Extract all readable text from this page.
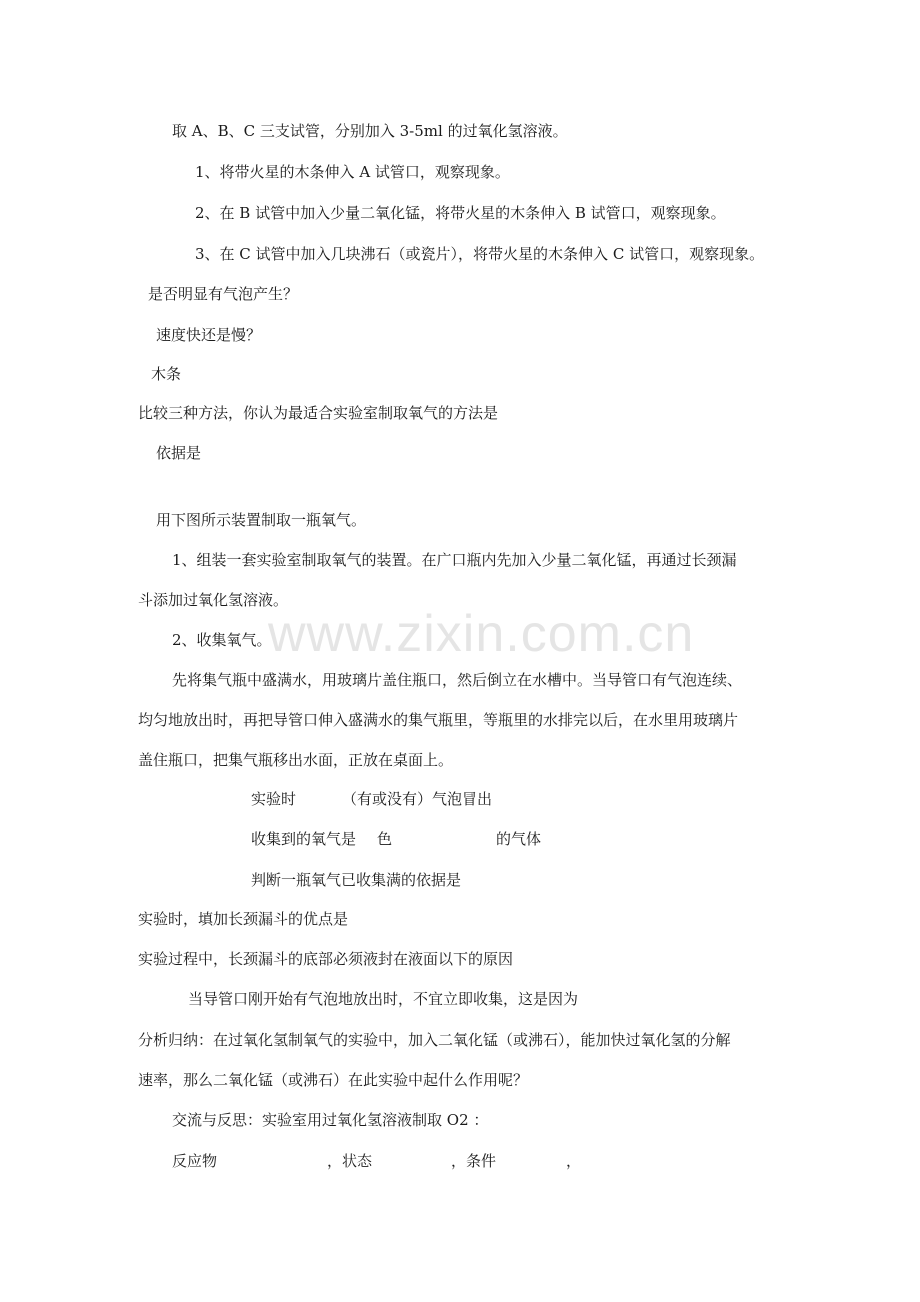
取 A、B、C 三支试管，分别加入 3-5ml 的过氧化氢溶液。
1、将带火星的木条伸入 A 试管口，观察现象。
2、在 B 试管中加入少量二氧化锰，将带火星的木条伸入 B 试管口，观察现象。
3、在 C 试管中加入几块沸石（或瓷片），将带火星的木条伸入 C 试管口，观察现象。
是否明显有气泡产生？
速度快还是慢？
木条
比较三种方法，你认为最适合实验室制取氧气的方法是
依据是
用下图所示装置制取一瓶氧气。
1、组装一套实验室制取氧气的装置。在广口瓶内先加入少量二氧化锰，再通过长颈漏
斗添加过氧化氢溶液。
2、收集氧气。
先将集气瓶中盛满水，用玻璃片盖住瓶口，然后倒立在水槽中。当导管口有气泡连续、
均匀地放出时，再把导管口伸入盛满水的集气瓶里，等瓶里的水排完以后，在水里用玻璃片
盖住瓶口，把集气瓶移出水面，正放在桌面上。
实验时	（有或没有）气泡冒出
收集到的氧气是 色	的气体
判断一瓶氧气已收集满的依据是
实验时，填加长颈漏斗的优点是
实验过程中，长颈漏斗的底部必须液封在液面以下的原因
当导管口刚开始有气泡地放出时，不宜立即收集，这是因为
分析归纳：在过氧化氢制氧气的实验中，加入二氧化锰（或沸石），能加快过氧化氢的分解
速率，那么二氧化锰（或沸石）在此实验中起什么作用呢？
交流与反思：实验室用过氧化氢溶液制取 O2 ：
反应物	，状态	，条件	，
www.zixin.com.cn
